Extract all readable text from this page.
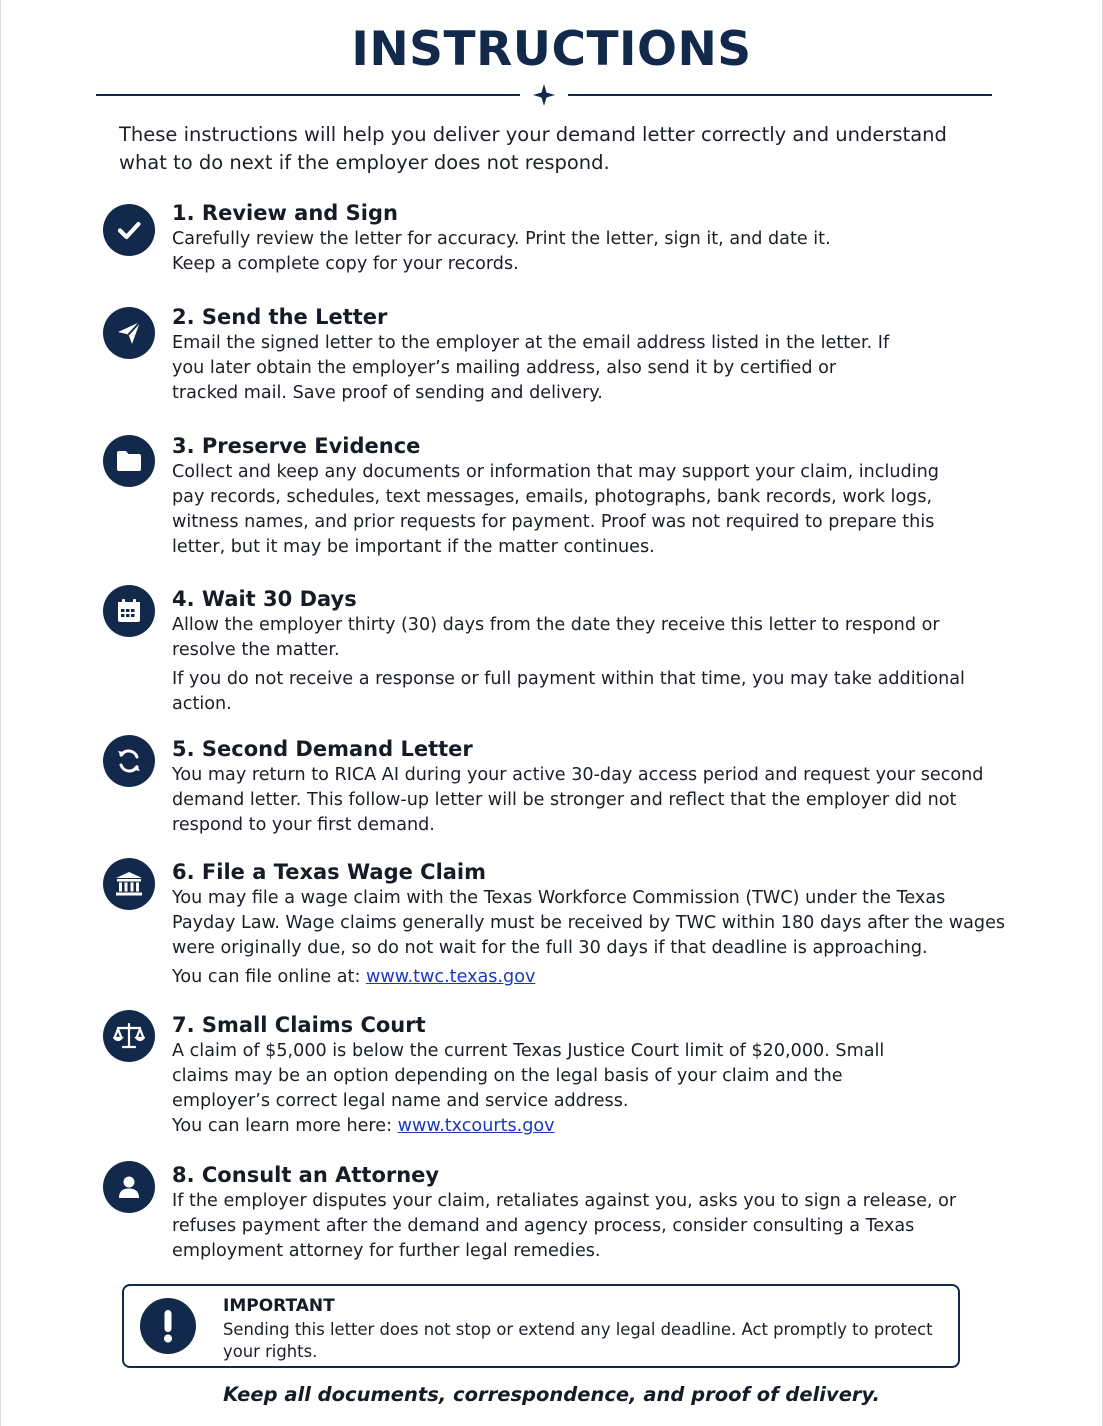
INSTRUCTIONS

These instructions will help you deliver your demand letter correctly and understand what to do next if the employer does not respond.

1. Review and Sign

Carefully review the letter for accuracy. Print the letter, sign it, and date it. Keep a complete copy for your records.

2. Send the Letter

Email the signed letter to the employer at the email address listed in the letter. If you later obtain the employer’s mailing address, also send it by certified or tracked mail. Save proof of sending and delivery.

3. Preserve Evidence

Collect and keep any documents or information that may support your claim, including pay records, schedules, text messages, emails, photographs, bank records, work logs, witness names, and prior requests for payment. Proof was not required to prepare this letter, but it may be important if the matter continues.

4. Wait 30 Days

Allow the employer thirty (30) days from the date they receive this letter to respond or resolve the matter.

If you do not receive a response or full payment within that time, you may take additional action.

5. Second Demand Letter

You may return to RICA AI during your active 30-day access period and request your second demand letter. This follow-up letter will be stronger and reflect that the employer did not respond to your first demand.

6. File a Texas Wage Claim

You may file a wage claim with the Texas Workforce Commission (TWC) under the Texas Payday Law. Wage claims generally must be received by TWC within 180 days after the wages were originally due, so do not wait for the full 30 days if that deadline is approaching.

You can file online at: www.twc.texas.gov

7. Small Claims Court

A claim of $5,000 is below the current Texas Justice Court limit of $20,000. Small claims may be an option depending on the legal basis of your claim and the employer’s correct legal name and service address.

You can learn more here: www.txcourts.gov

8. Consult an Attorney

If the employer disputes your claim, retaliates against you, asks you to sign a release, or refuses payment after the demand and agency process, consider consulting a Texas employment attorney for further legal remedies.

IMPORTANT
Sending this letter does not stop or extend any legal deadline. Act promptly to protect your rights.
Keep all documents, correspondence, and proof of delivery.
